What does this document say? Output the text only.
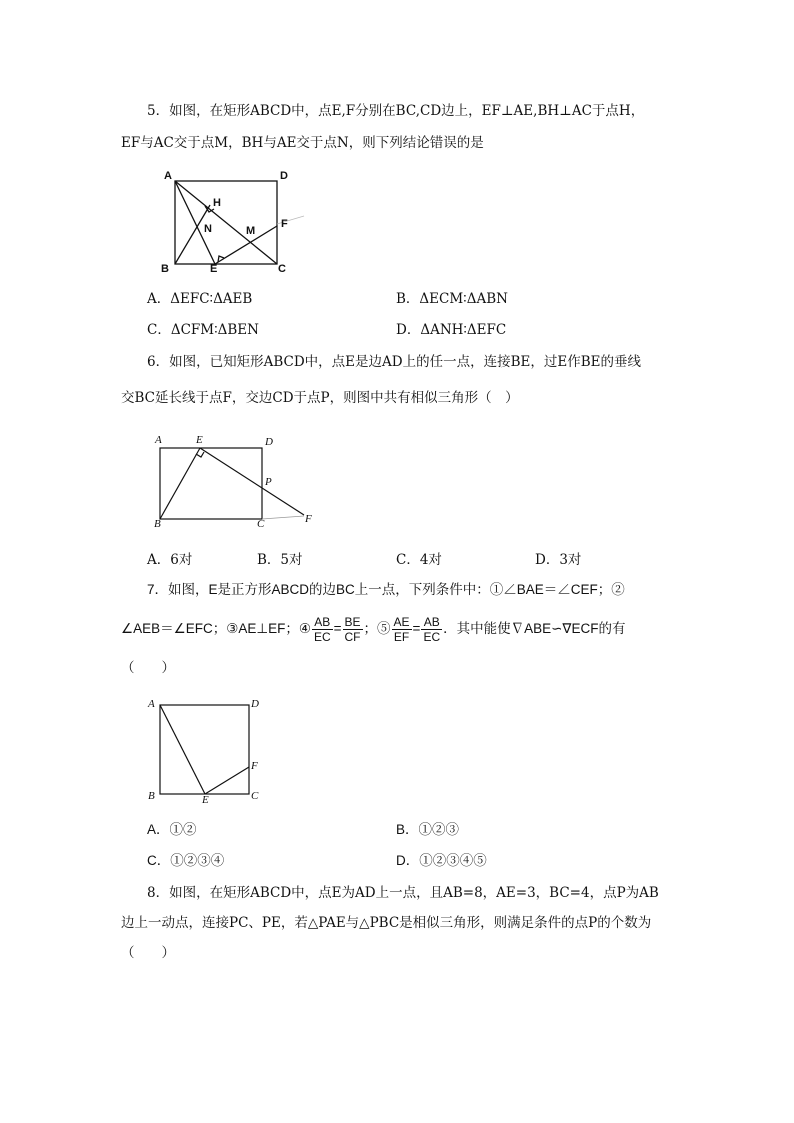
5．如图，在矩形ABCD中，点E,F分别在BC,CD边上，EF⊥AE,BH⊥AC于点H，
EF与AC交于点M，BH与AE交于点N，则下列结论错误的是
A	D
H
N	M
F
B	E	C
A．ΔEFC∶ΔAEB	B．ΔECM∶ΔABN
C．ΔCFM∶ΔBEN	D．ΔANH∶ΔEFC
6．如图，已知矩形ABCD中，点E是边AD上的任一点，连接BE，过E作BE的垂线
交BC延长线于点F，交边CD于点P，则图中共有相似三角形（　）
A	E	D
P
B	C	F
A．6对	B．5对	C．4对	D．3对
7．如图，E是正方形ABCD的边BC上一点，下列条件中：①∠BAE＝∠CEF；②
∠AEB＝∠EFC；③AE⊥EF；④ $\frac{AB}{EC} = \frac{BE}{CF}$ ；⑤ $\frac{AE}{EF} = \frac{AB}{EC}$ ．其中能使∇ABE∽∇ECF的有
（　　）
A	D
F
B	E	C
A．①②	B．①②③
C．①②③④	D．①②③④⑤
8．如图，在矩形ABCD中，点E为AD上一点，且AB=8，AE=3，BC=4，点P为AB
边上一动点，连接PC、PE，若△PAE与△PBC是相似三角形，则满足条件的点P的个数为
（　　）
